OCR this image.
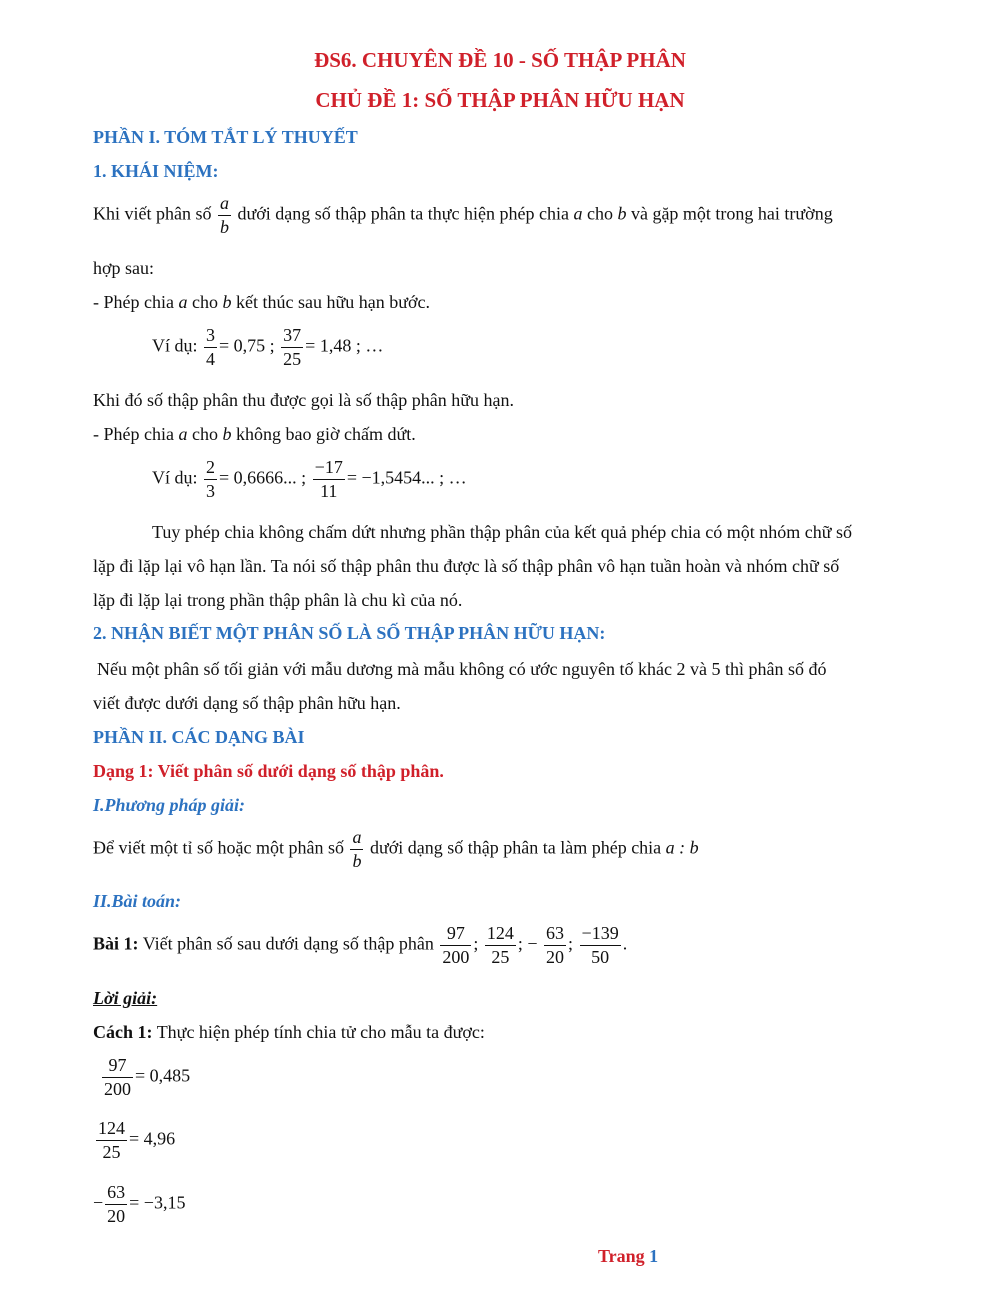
ĐS6. CHUYÊN ĐỀ 10 - SỐ THẬP PHÂN
CHỦ ĐỀ 1: SỐ THẬP PHÂN HỮU HẠN
PHẦN I. TÓM TẮT LÝ THUYẾT
1. KHÁI NIỆM:
Khi viết phân số $\frac{a}{b}$ dưới dạng số thập phân ta thực hiện phép chia a cho b và gặp một trong hai trường
hợp sau:
- Phép chia a cho b kết thúc sau hữu hạn bước.
Ví dụ: $\frac{3}{4} = 0,75$ ; $\frac{37}{25} = 1,48$ ; …
Khi đó số thập phân thu được gọi là số thập phân hữu hạn.
- Phép chia a cho b không bao giờ chấm dứt.
Ví dụ: $\frac{2}{3} = 0,6666$... ; $\frac{-17}{11} = -1,5454$... ; …
Tuy phép chia không chấm dứt nhưng phần thập phân của kết quả phép chia có một nhóm chữ số
lặp đi lặp lại vô hạn lần. Ta nói số thập phân thu được là số thập phân vô hạn tuần hoàn và nhóm chữ số
lặp đi lặp lại trong phần thập phân là chu kì của nó.
2. NHẬN BIẾT MỘT PHÂN SỐ LÀ SỐ THẬP PHÂN HỮU HẠN:
Nếu một phân số tối giản với mẫu dương mà mẫu không có ước nguyên tố khác 2 và 5 thì phân số đó
viết được dưới dạng số thập phân hữu hạn.
PHẦN II. CÁC DẠNG BÀI
Dạng 1: Viết phân số dưới dạng số thập phân.
I.Phương pháp giải:
Để viết một tỉ số hoặc một phân số $\frac{a}{b}$ dưới dạng số thập phân ta làm phép chia a : b
II.Bài toán:
Bài 1: Viết phân số sau dưới dạng số thập phân $\frac{97}{200}$ ; $\frac{124}{25}$ ; − $\frac{63}{20}$ ; $\frac{-139}{50}$ .
Lời giải:
Cách 1: Thực hiện phép tính chia tử cho mẫu ta được:
$\frac{97}{200} = 0,485$
$\frac{124}{25} = 4,96$
− $\frac{63}{20} = -3,15$
Trang 1
